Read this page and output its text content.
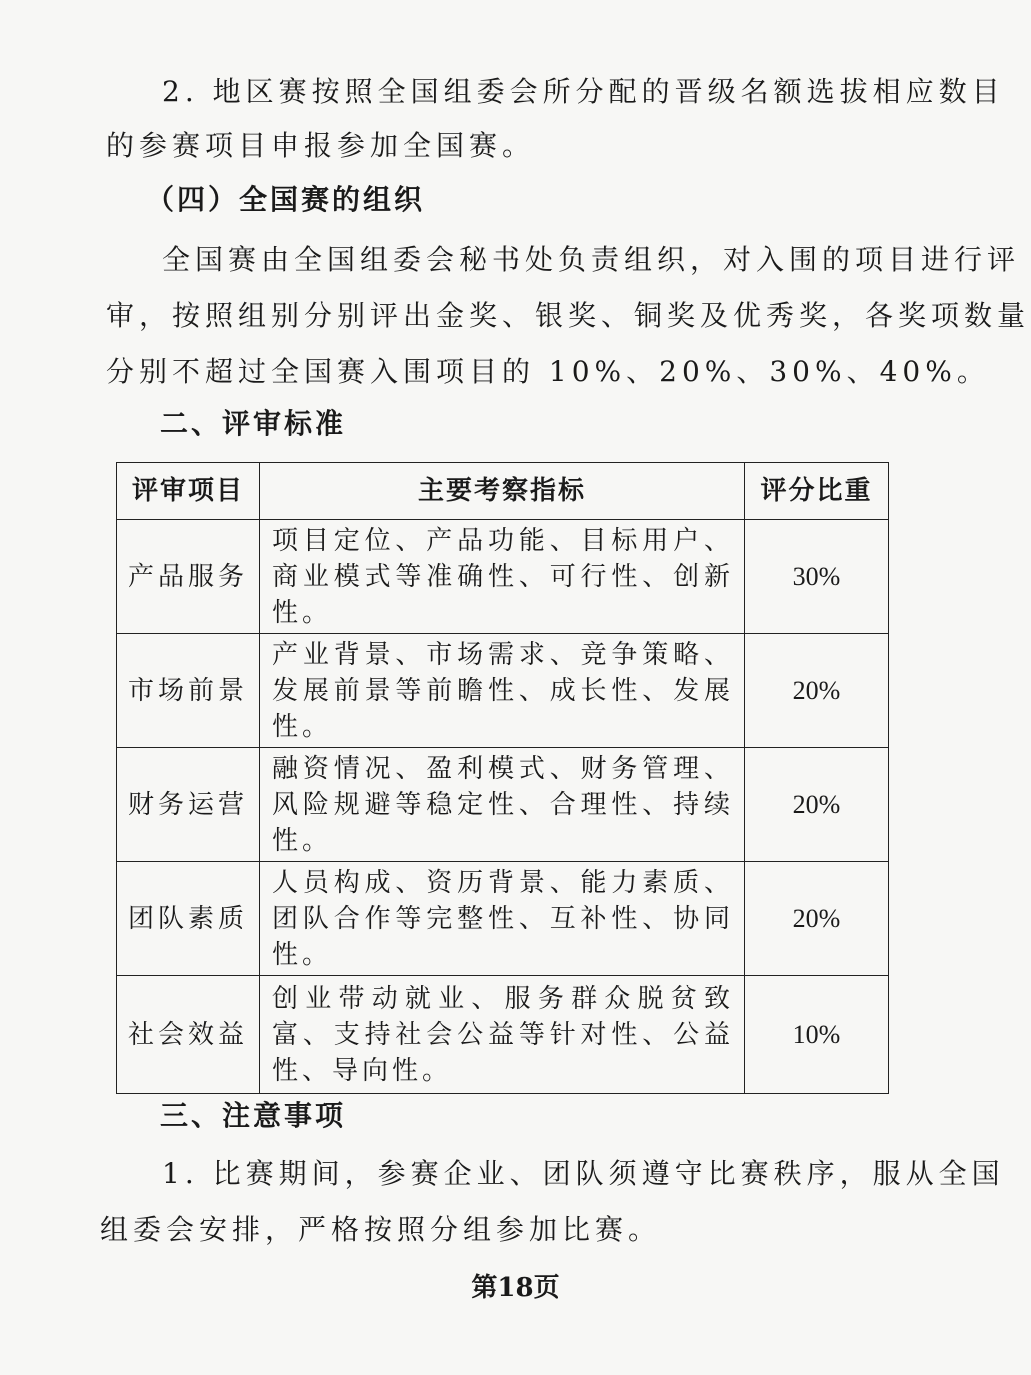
2. 地区赛按照全国组委会所分配的晋级名额选拔相应数目

的参赛项目申报参加全国赛。

（四）全国赛的组织

全国赛由全国组委会秘书处负责组织，对入围的项目进行评

审，按照组别分别评出金奖、银奖、铜奖及优秀奖，各奖项数量

分别不超过全国赛入围项目的 10%、20%、30%、40%。

二、评审标准

评审项目	主要考察指标	评分比重
产品服务	项目定位、产品功能、目标用户、商业模式等准确性、可行性、创新性。	30%
市场前景	产业背景、市场需求、竞争策略、发展前景等前瞻性、成长性、发展性。	20%
财务运营	融资情况、盈利模式、财务管理、风险规避等稳定性、合理性、持续性。	20%
团队素质	人员构成、资历背景、能力素质、团队合作等完整性、互补性、协同性。	20%
社会效益	创业带动就业、服务群众脱贫致富、支持社会公益等针对性、公益性、导向性。	10%

三、注意事项

1. 比赛期间，参赛企业、团队须遵守比赛秩序，服从全国

组委会安排，严格按照分组参加比赛。

第18页
